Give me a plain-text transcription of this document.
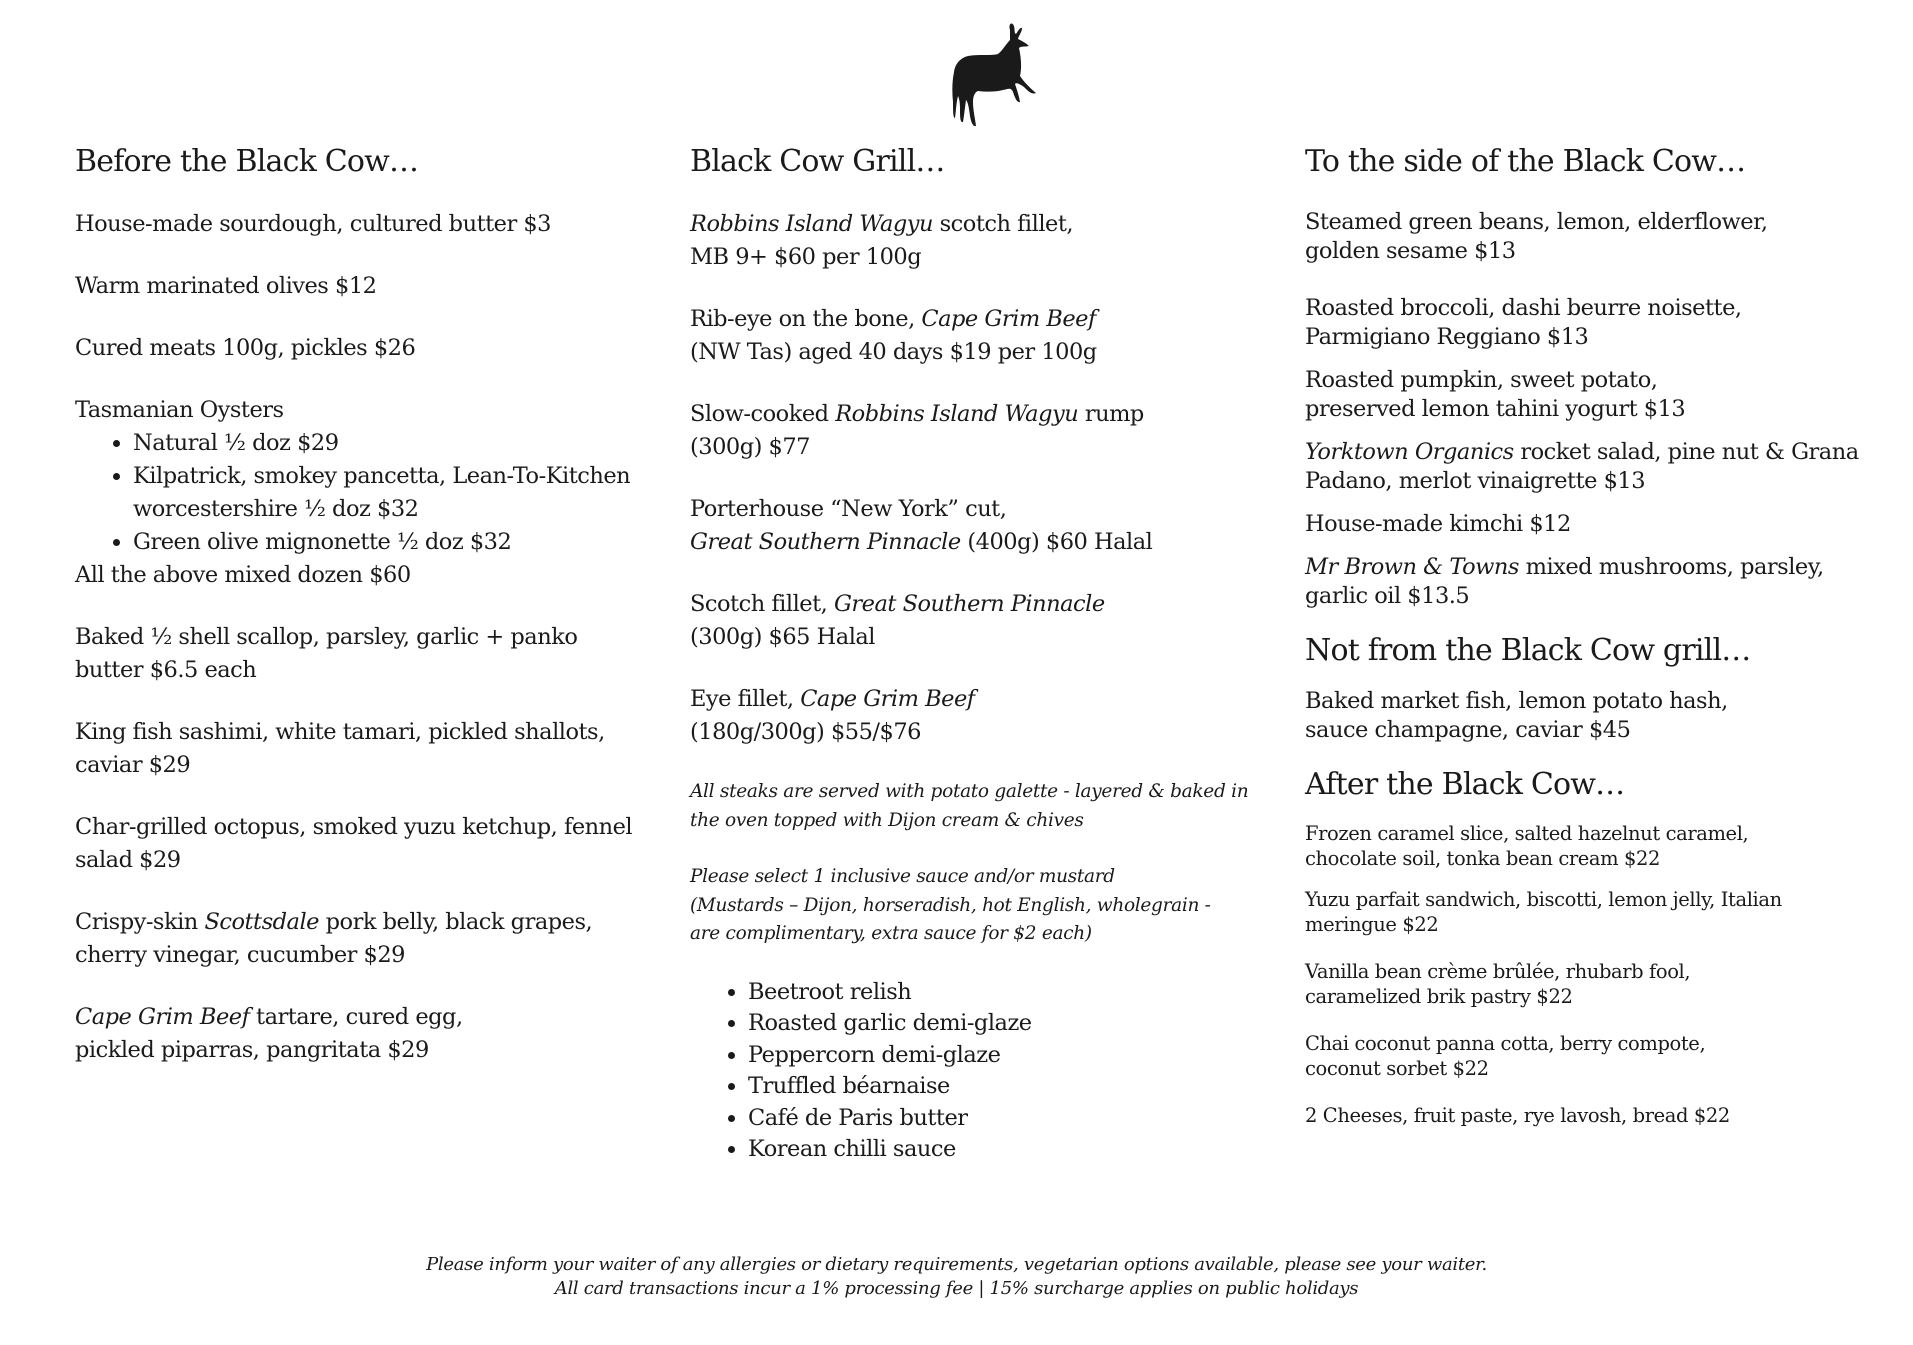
Before the Black Cow…

House-made sourdough, cultured butter $3

Warm marinated olives $12

Cured meats 100g, pickles $26

Tasmanian Oysters
• Natural ½ doz $29
• Kilpatrick, smokey pancetta, Lean-To-Kitchen worcestershire ½ doz $32
• Green olive mignonette ½ doz $32
All the above mixed dozen $60

Baked ½ shell scallop, parsley, garlic + panko butter $6.5 each

King fish sashimi, white tamari, pickled shallots, caviar $29

Char-grilled octopus, smoked yuzu ketchup, fennel salad $29

Crispy-skin Scottsdale pork belly, black grapes, cherry vinegar, cucumber $29

Cape Grim Beef tartare, cured egg,
pickled piparras, pangritata $29

Black Cow Grill…

Robbins Island Wagyu scotch fillet,
MB 9+ $60 per 100g

Rib-eye on the bone, Cape Grim Beef
(NW Tas) aged 40 days $19 per 100g

Slow-cooked Robbins Island Wagyu rump
(300g) $77

Porterhouse “New York” cut,
Great Southern Pinnacle (400g) $60 Halal

Scotch fillet, Great Southern Pinnacle
(300g) $65 Halal

Eye fillet, Cape Grim Beef
(180g/300g) $55/$76

All steaks are served with potato galette - layered & baked in the oven topped with Dijon cream & chives

Please select 1 inclusive sauce and/or mustard
(Mustards – Dijon, horseradish, hot English, wholegrain -
are complimentary, extra sauce for $2 each)

• Beetroot relish
• Roasted garlic demi-glaze
• Peppercorn demi-glaze
• Truffled béarnaise
• Café de Paris butter
• Korean chilli sauce
To the side of the Black Cow…

Steamed green beans, lemon, elderflower,
golden sesame $13

Roasted broccoli, dashi beurre noisette,
Parmigiano Reggiano $13

Roasted pumpkin, sweet potato,
preserved lemon tahini yogurt $13

Yorktown Organics rocket salad, pine nut & Grana
Padano, merlot vinaigrette $13

House-made kimchi $12

Mr Brown & Towns mixed mushrooms, parsley,
garlic oil $13.5

Not from the Black Cow grill…

Baked market fish, lemon potato hash,
sauce champagne, caviar $45

After the Black Cow…

Frozen caramel slice, salted hazelnut caramel,
chocolate soil, tonka bean cream $22

Yuzu parfait sandwich, biscotti, lemon jelly, Italian
meringue $22

Vanilla bean crème brûlée, rhubarb fool,
caramelized brik pastry $22

Chai coconut panna cotta, berry compote,
coconut sorbet $22

2 Cheeses, fruit paste, rye lavosh, bread $22

Please inform your waiter of any allergies or dietary requirements, vegetarian options available, please see your waiter.
All card transactions incur a 1% processing fee | 15% surcharge applies on public holidays
